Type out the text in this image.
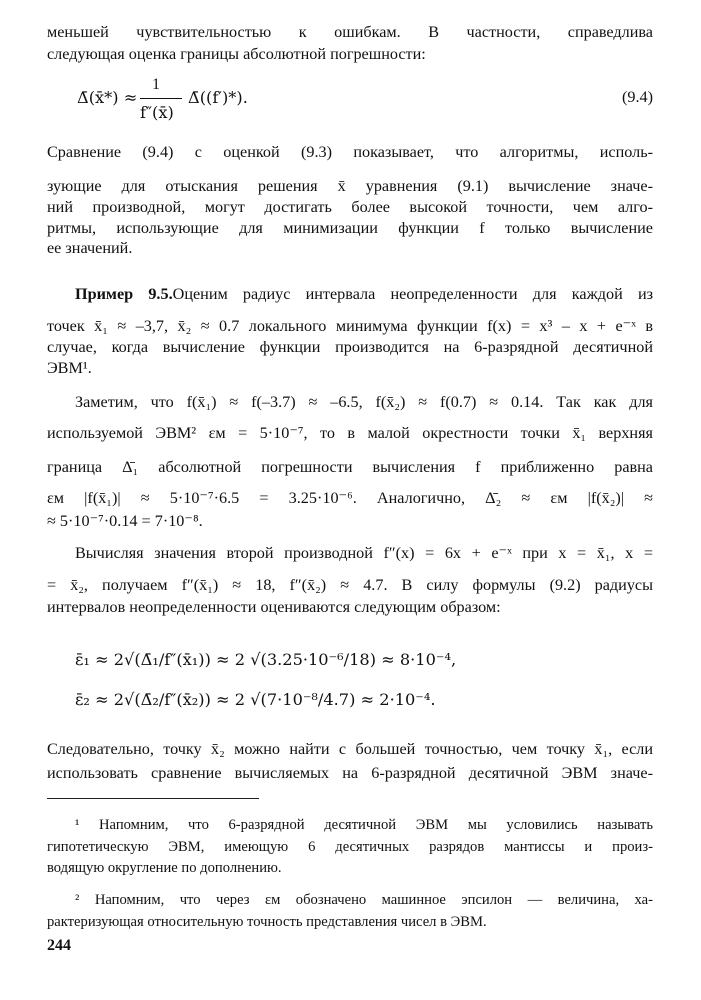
меньшей чувствительностью к ошибкам. В частности, справедлива
следующая оценка границы абсолютной погрешности:
Δ̄(x̄*) ≈
1
f″(x̄)
Δ̄((f′)*).	(9.4)
Сравнение (9.4) с оценкой (9.3) показывает, что алгоритмы, исполь-
зующие для отыскания решения x̄ уравнения (9.1) вычисление значе-
ний производной, могут достигать более высокой точности, чем алго-
ритмы, использующие для минимизации функции f только вычисление
ее значений.
Пример 9.5.Оценим радиус интервала неопределенности для каждой из
точек x̄₁ ≈ –3,7, x̄₂ ≈ 0.7 локального минимума функции f(x) = x³ – x + e⁻ˣ в
случае, когда вычисление функции производится на 6-разрядной десятичной
ЭВМ¹.
Заметим, что f(x̄₁) ≈ f(–3.7) ≈ –6.5, f(x̄₂) ≈ f(0.7) ≈ 0.14. Так как для
используемой ЭВМ² εм = 5·10⁻⁷, то в малой окрестности точки x̄₁ верхняя
граница Δ̄₁ абсолютной погрешности вычисления f приближенно равна
εм |f(x̄₁)| ≈ 5·10⁻⁷·6.5 = 3.25·10⁻⁶. Аналогично, Δ̄₂ ≈ εм |f(x̄₂)| ≈
≈ 5·10⁻⁷·0.14 = 7·10⁻⁸.
Вычисляя значения второй производной f″(x) = 6x + e⁻ˣ при x = x̄₁, x =
= x̄₂, получаем f″(x̄₁) ≈ 18, f″(x̄₂) ≈ 4.7. В силу формулы (9.2) радиусы
интервалов неопределенности оцениваются следующим образом:
ε̄₁ ≈ 2√(Δ̄₁/f″(x̄₁)) ≈ 2 √(3.25·10⁻⁶/18) ≈ 8·10⁻⁴,
ε̄₂ ≈ 2√(Δ̄₂/f″(x̄₂)) ≈ 2 √(7·10⁻⁸/4.7) ≈ 2·10⁻⁴.
Следовательно, точку x̄₂ можно найти с большей точностью, чем точку x̄₁, если
использовать сравнение вычисляемых на 6-разрядной десятичной ЭВМ значе-
¹ Напомним, что 6-разрядной десятичной ЭВМ мы условились называть
гипотетическую ЭВМ, имеющую 6 десятичных разрядов мантиссы и произ-
водящую округление по дополнению.
² Напомним, что через εм обозначено машинное эпсилон — величина, ха-
рактеризующая относительную точность представления чисел в ЭВМ.
244
